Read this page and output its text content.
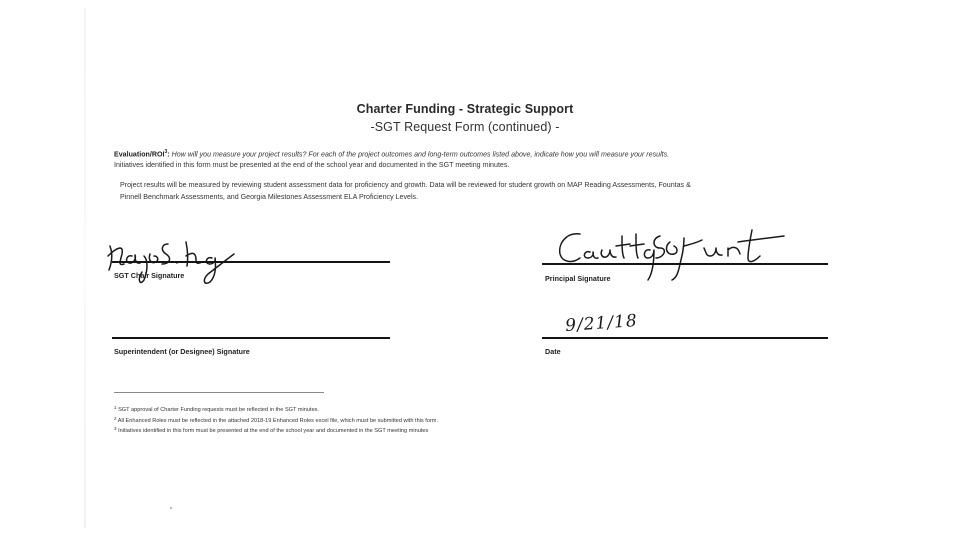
Charter Funding - Strategic Support
-SGT Request Form (continued) -
Evaluation/ROI$^3$: How will you measure your project results? For each of the project outcomes and long-term outcomes listed above, indicate how you will measure your results.
Initiatives identified in this form must be presented at the end of the school year and documented in the SGT meeting minutes.
Project results will be measured by reviewing student assessment data for proficiency and growth. Data will be reviewed for student growth on MAP Reading Assessments, Fountas &
Pinnell Benchmark Assessments, and Georgia Milestones Assessment ELA Proficiency Levels.
SGT Chair Signature	Principal Signature
Superintendent (or Designee) Signature
9/21/18
Date
$^1$ SGT approval of Charter Funding requests must be reflected in the SGT minutes.
$^2$ All Enhanced Roles must be reflected in the attached 2018-19 Enhanced Roles excel file, which must be submitted with this form.
$^3$ Initiatives identified in this form must be presented at the end of the school year and documented in the SGT meeting minutes
